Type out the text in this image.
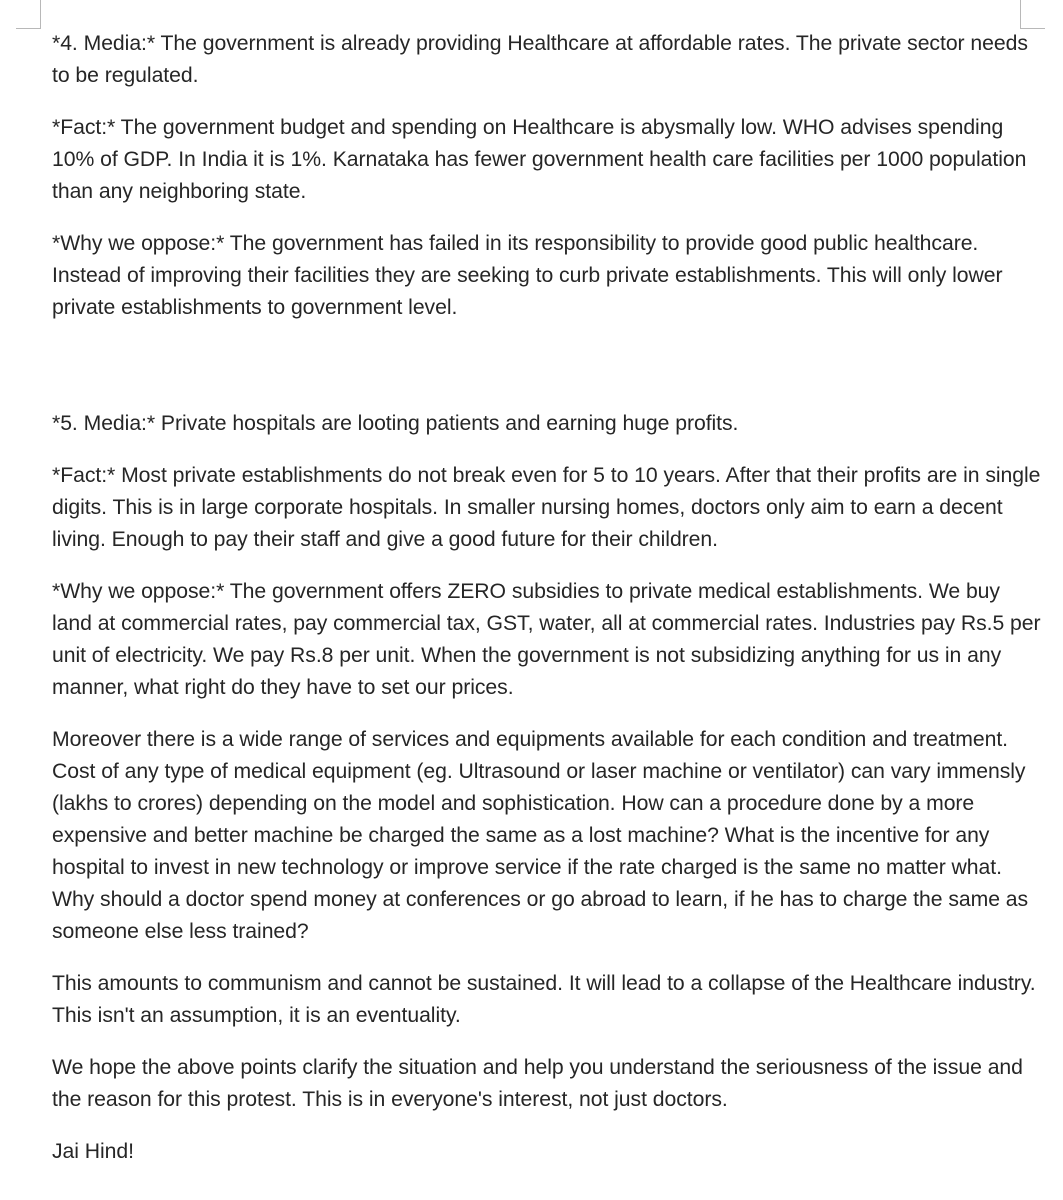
*4. Media:* The government is already providing Healthcare at affordable rates. The private sector needs to be regulated.

*Fact:* The government budget and spending on Healthcare is abysmally low. WHO advises spending 10% of GDP. In India it is 1%. Karnataka has fewer government health care facilities per 1000 population than any neighboring state.

*Why we oppose:* The government has failed in its responsibility to provide good public healthcare. Instead of improving their facilities they are seeking to curb private establishments. This will only lower private establishments to government level.

*5. Media:* Private hospitals are looting patients and earning huge profits.

*Fact:* Most private establishments do not break even for 5 to 10 years. After that their profits are in single digits. This is in large corporate hospitals. In smaller nursing homes, doctors only aim to earn a decent living. Enough to pay their staff and give a good future for their children.

*Why we oppose:* The government offers ZERO subsidies to private medical establishments. We buy land at commercial rates, pay commercial tax, GST, water, all at commercial rates. Industries pay Rs.5 per unit of electricity. We pay Rs.8 per unit. When the government is not subsidizing anything for us in any manner, what right do they have to set our prices.

Moreover there is a wide range of services and equipments available for each condition and treatment. Cost of any type of medical equipment (eg. Ultrasound or laser machine or ventilator) can vary immensly (lakhs to crores) depending on the model and sophistication. How can a procedure done by a more expensive and better machine be charged the same as a lost machine? What is the incentive for any hospital to invest in new technology or improve service if the rate charged is the same no matter what. Why should a doctor spend money at conferences or go abroad to learn, if he has to charge the same as someone else less trained?

This amounts to communism and cannot be sustained. It will lead to a collapse of the Healthcare industry. This isn't an assumption, it is an eventuality.

We hope the above points clarify the situation and help you understand the seriousness of the issue and the reason for this protest. This is in everyone's interest, not just doctors.

Jai Hind!
